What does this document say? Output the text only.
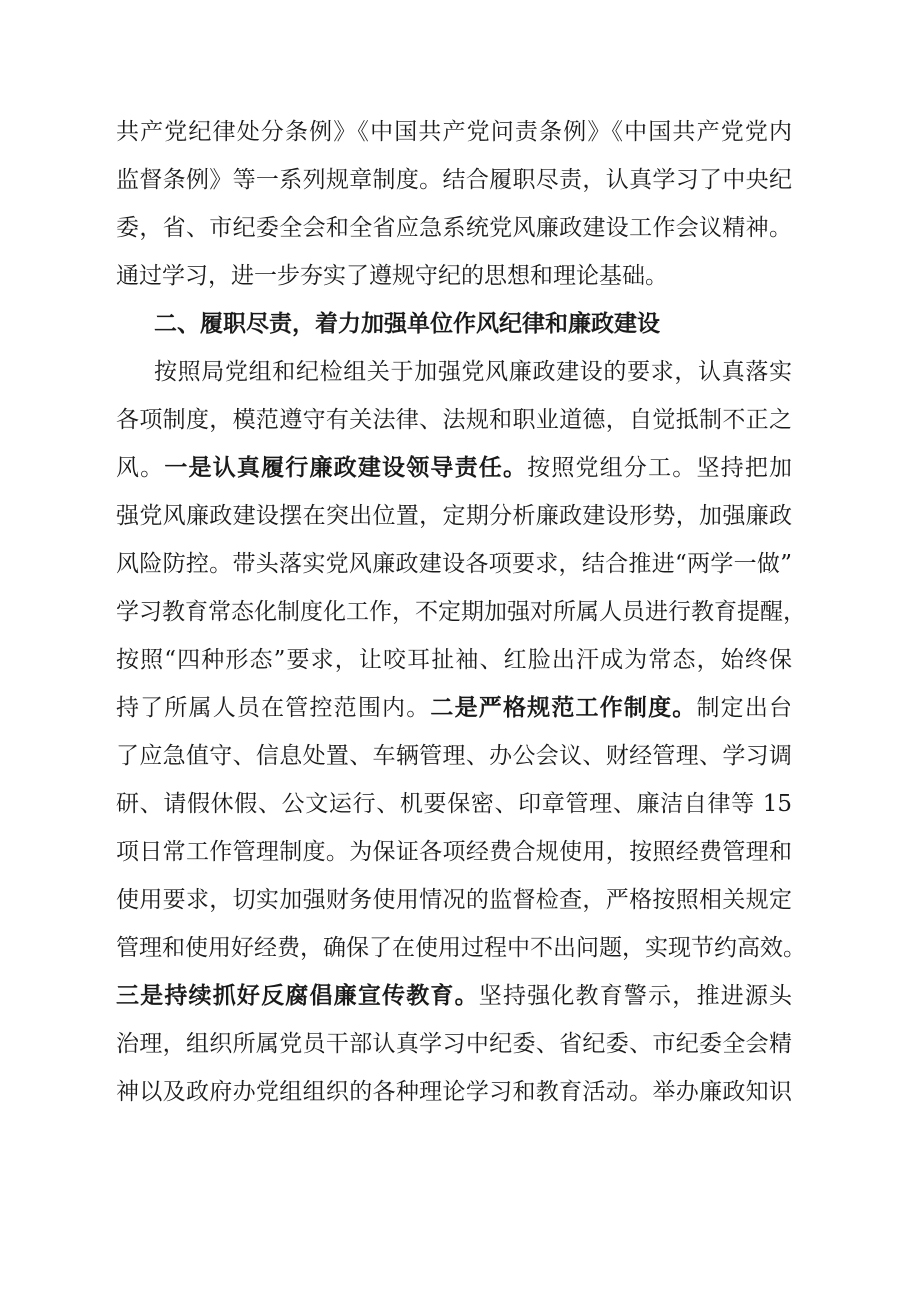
共产党纪律处分条例》《中国共产党问责条例》《中国共产党党内
监督条例》等一系列规章制度。结合履职尽责，认真学习了中央纪
委，省、市纪委全会和全省应急系统党风廉政建设工作会议精神。
通过学习，进一步夯实了遵规守纪的思想和理论基础。
二、履职尽责，着力加强单位作风纪律和廉政建设
按照局党组和纪检组关于加强党风廉政建设的要求，认真落实
各项制度，模范遵守有关法律、法规和职业道德，自觉抵制不正之
风。一是认真履行廉政建设领导责任。按照党组分工。坚持把加
强党风廉政建设摆在突出位置，定期分析廉政建设形势，加强廉政
风险防控。带头落实党风廉政建设各项要求，结合推进“两学一做”
学习教育常态化制度化工作，不定期加强对所属人员进行教育提醒，
按照“四种形态”要求，让咬耳扯袖、红脸出汗成为常态，始终保
持了所属人员在管控范围内。二是严格规范工作制度。制定出台
了应急值守、信息处置、车辆管理、办公会议、财经管理、学习调
研、请假休假、公文运行、机要保密、印章管理、廉洁自律等 15
项日常工作管理制度。为保证各项经费合规使用，按照经费管理和
使用要求，切实加强财务使用情况的监督检查，严格按照相关规定
管理和使用好经费，确保了在使用过程中不出问题，实现节约高效。
三是持续抓好反腐倡廉宣传教育。坚持强化教育警示，推进源头
治理，组织所属党员干部认真学习中纪委、省纪委、市纪委全会精
神以及政府办党组组织的各种理论学习和教育活动。举办廉政知识
